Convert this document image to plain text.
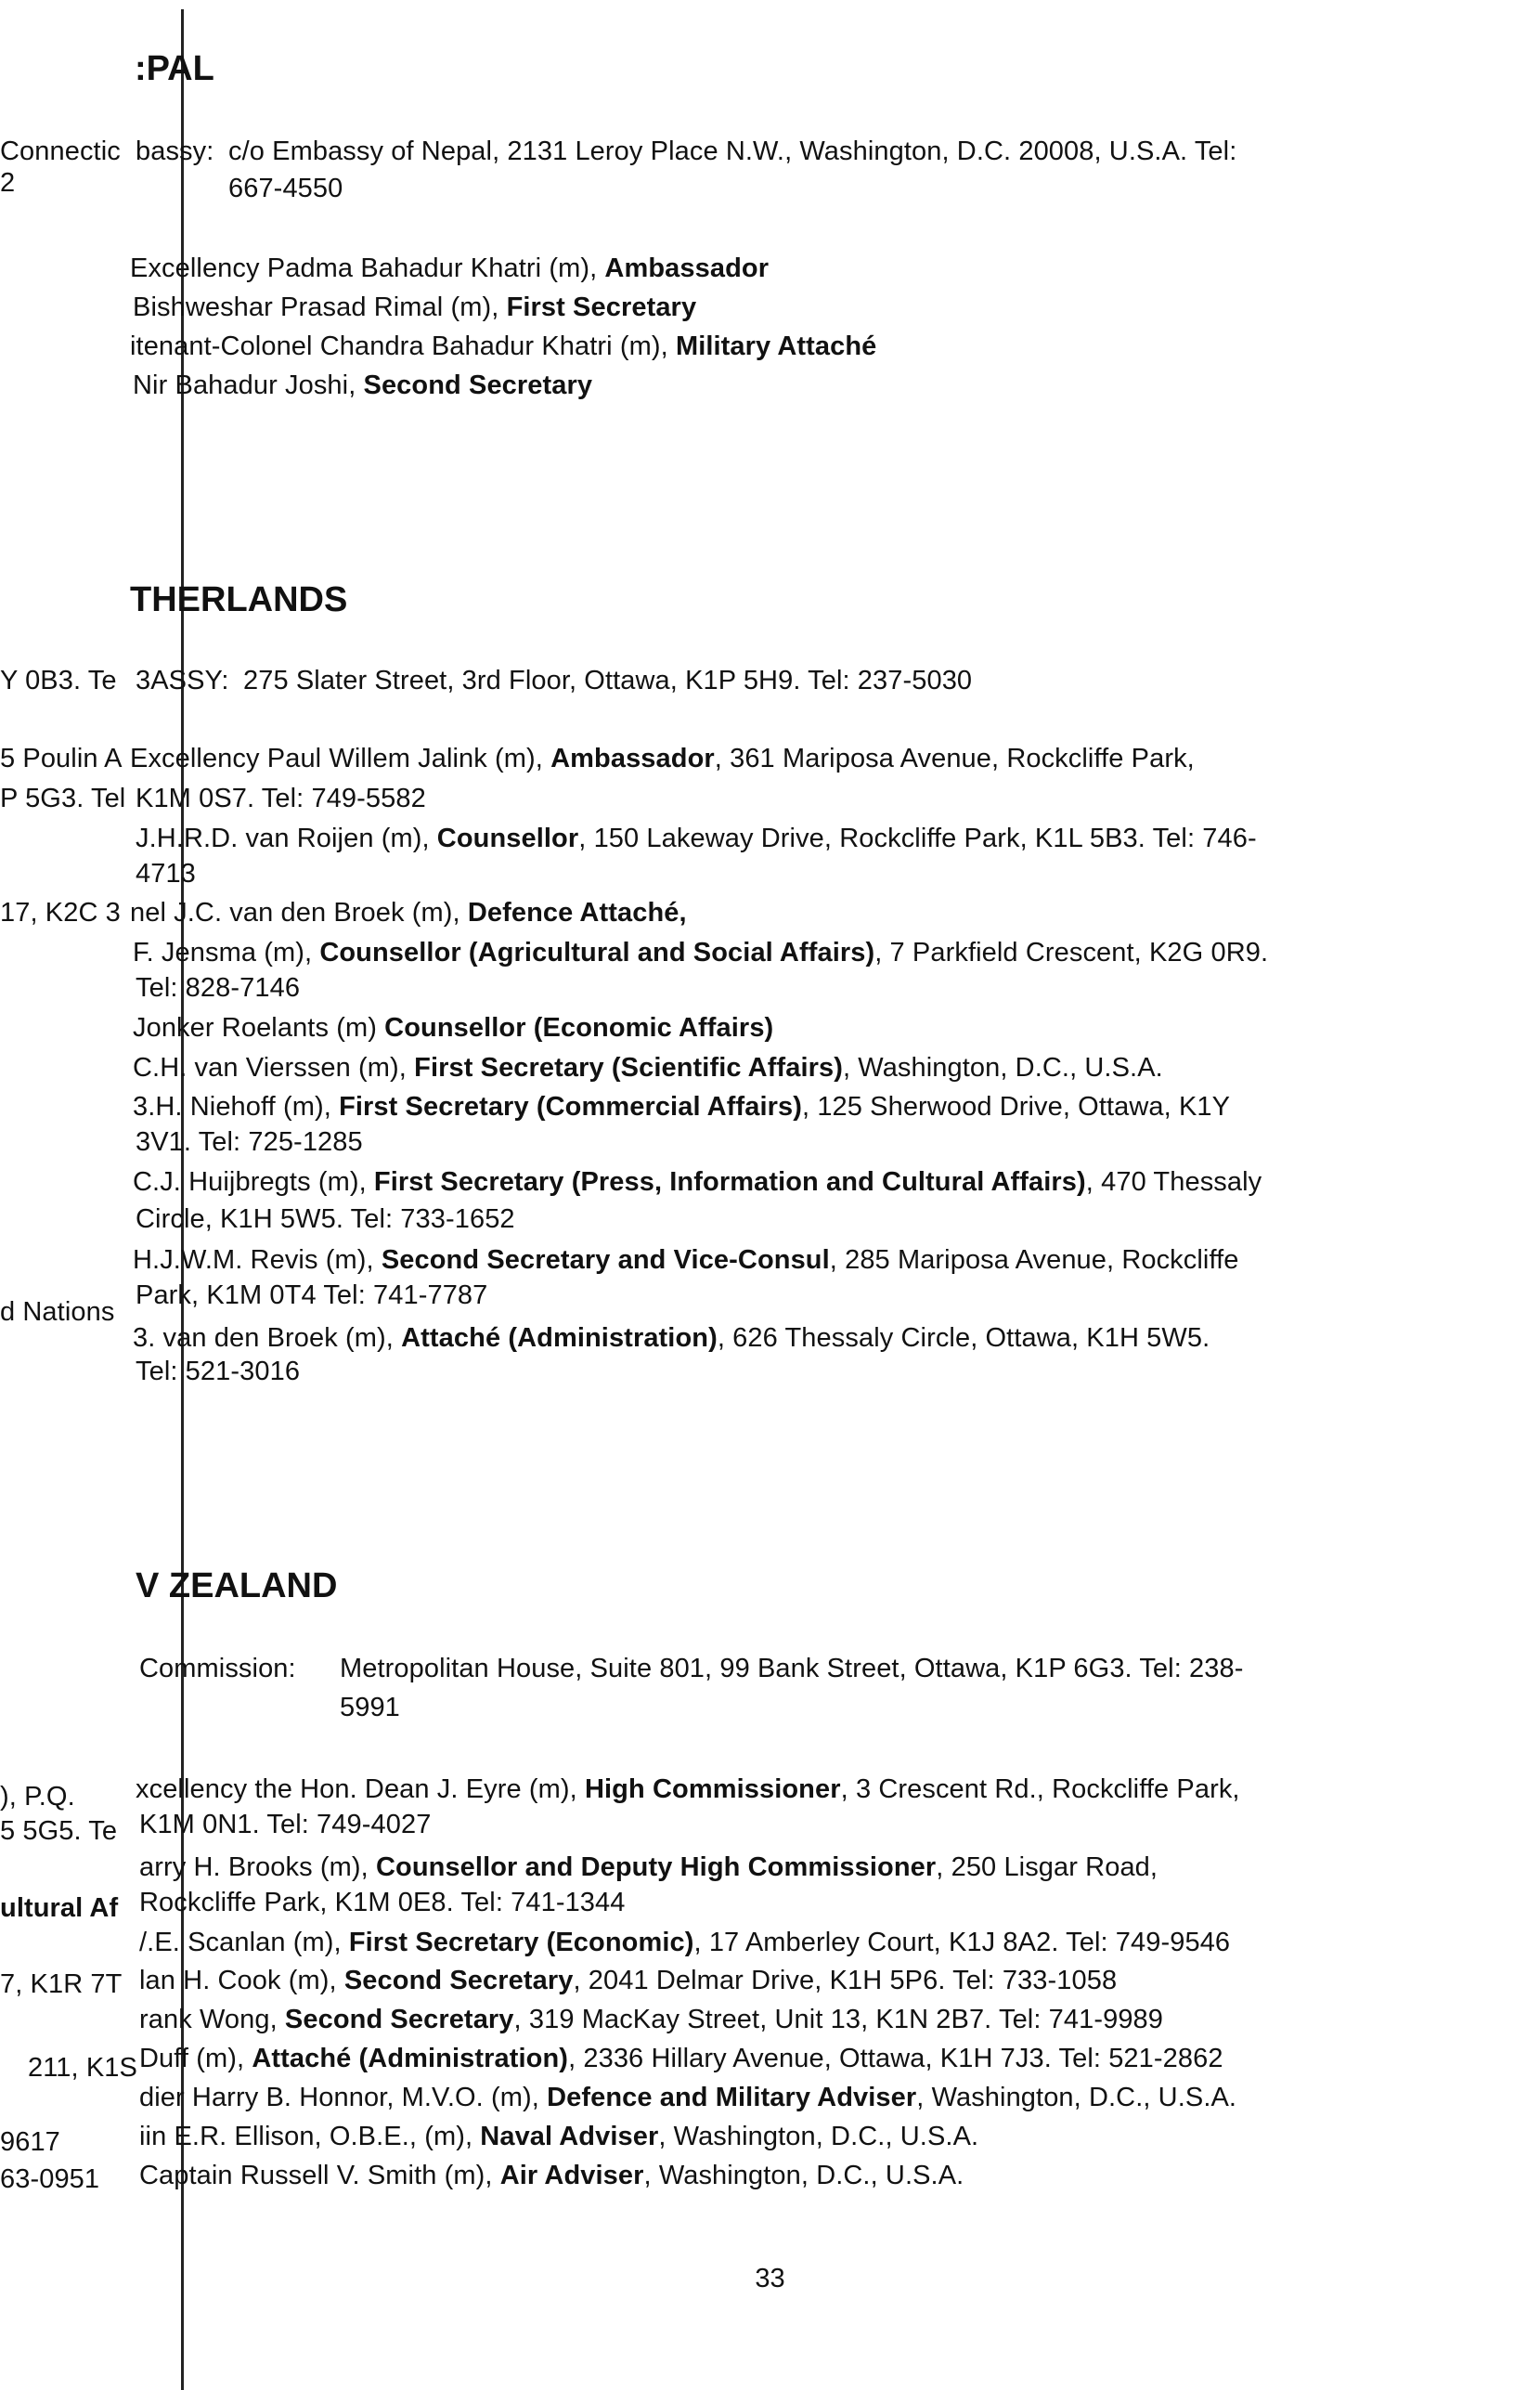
Connectic
2
Y 0B3. Te
5 Poulin A
P 5G3. Tel
17, K2C 3
d Nations
), P.Q.
5 5G5. Te
ultural Af
7, K1R 7T
211, K1S
9617
63-0951
:PAL
bassy: c/o Embassy of Nepal, 2131 Leroy Place N.W., Washington, D.C. 20008, U.S.A. Tel:
667-4550
Excellency Padma Bahadur Khatri (m), Ambassador
Bishweshar Prasad Rimal (m), First Secretary
itenant-Colonel Chandra Bahadur Khatri (m), Military Attaché
Nir Bahadur Joshi, Second Secretary
THERLANDS
3ASSY: 275 Slater Street, 3rd Floor, Ottawa, K1P 5H9. Tel: 237-5030
Excellency Paul Willem Jalink (m), Ambassador, 361 Mariposa Avenue, Rockcliffe Park,
K1M 0S7. Tel: 749-5582
J.H.R.D. van Roijen (m), Counsellor, 150 Lakeway Drive, Rockcliffe Park, K1L 5B3. Tel: 746-
4713
nel J.C. van den Broek (m), Defence Attaché,
F. Jensma (m), Counsellor (Agricultural and Social Affairs), 7 Parkfield Crescent, K2G 0R9.
Tel: 828-7146
Jonker Roelants (m) Counsellor (Economic Affairs)
C.H. van Vierssen (m), First Secretary (Scientific Affairs), Washington, D.C., U.S.A.
3.H. Niehoff (m), First Secretary (Commercial Affairs), 125 Sherwood Drive, Ottawa, K1Y
3V1. Tel: 725-1285
C.J. Huijbregts (m), First Secretary (Press, Information and Cultural Affairs), 470 Thessaly
Circle, K1H 5W5. Tel: 733-1652
H.J.W.M. Revis (m), Second Secretary and Vice-Consul, 285 Mariposa Avenue, Rockcliffe
Park, K1M 0T4 Tel: 741-7787
3. van den Broek (m), Attaché (Administration), 626 Thessaly Circle, Ottawa, K1H 5W5.
Tel: 521-3016
V ZEALAND
Commission: Metropolitan House, Suite 801, 99 Bank Street, Ottawa, K1P 6G3. Tel: 238-
5991
xcellency the Hon. Dean J. Eyre (m), High Commissioner, 3 Crescent Rd., Rockcliffe Park,
K1M 0N1. Tel: 749-4027
arry H. Brooks (m), Counsellor and Deputy High Commissioner, 250 Lisgar Road,
Rockcliffe Park, K1M 0E8. Tel: 741-1344
/.E. Scanlan (m), First Secretary (Economic), 17 Amberley Court, K1J 8A2. Tel: 749-9546
lan H. Cook (m), Second Secretary, 2041 Delmar Drive, K1H 5P6. Tel: 733-1058
rank Wong, Second Secretary, 319 MacKay Street, Unit 13, K1N 2B7. Tel: 741-9989
Duff (m), Attaché (Administration), 2336 Hillary Avenue, Ottawa, K1H 7J3. Tel: 521-2862
dier Harry B. Honnor, M.V.O. (m), Defence and Military Adviser, Washington, D.C., U.S.A.
iin E.R. Ellison, O.B.E., (m), Naval Adviser, Washington, D.C., U.S.A.
Captain Russell V. Smith (m), Air Adviser, Washington, D.C., U.S.A.
33
